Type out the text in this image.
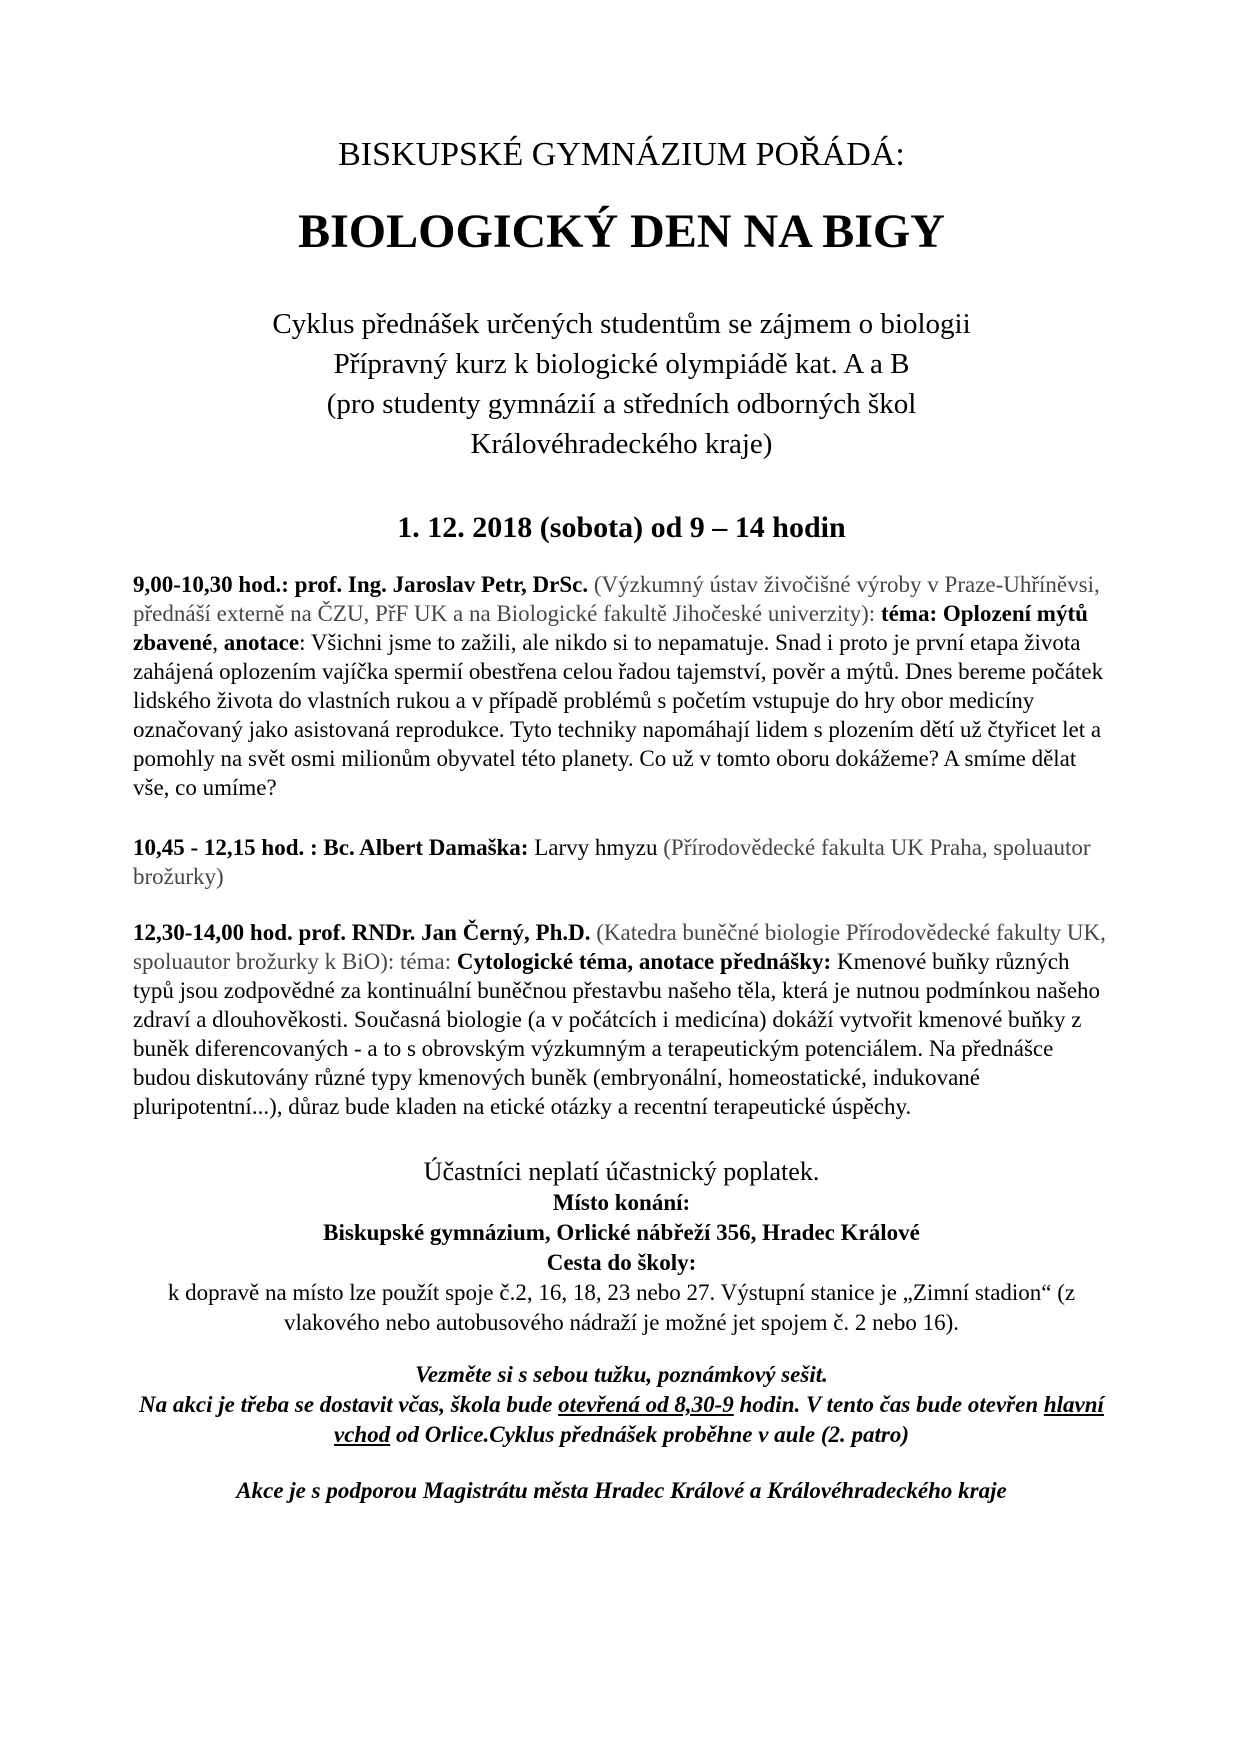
BISKUPSKÉ GYMNÁZIUM POŘÁDÁ:
BIOLOGICKÝ DEN NA BIGY
Cyklus přednášek určených studentům se zájmem o biologii
Přípravný kurz k biologické olympiádě kat. A a B
(pro studenty gymnázií a středních odborných škol
Královéhradeckého kraje)
1. 12. 2018 (sobota) od 9 – 14 hodin

9,00-10,30 hod.: prof. Ing. Jaroslav Petr, DrSc. (Výzkumný ústav živočišné výroby v Praze-Uhříněvsi, přednáší externě na ČZU, PřF UK a na Biologické fakultě Jihočeské univerzity): téma: Oplození mýtů zbavené, anotace: Všichni jsme to zažili, ale nikdo si to nepamatuje. Snad i proto je první etapa života zahájená oplozením vajíčka spermií obestřena celou řadou tajemství, pověr a mýtů. Dnes bereme počátek lidského života do vlastních rukou a v případě problémů s početím vstupuje do hry obor medicíny označovaný jako asistovaná reprodukce. Tyto techniky napomáhají lidem s plozením dětí už čtyřicet let a pomohly na svět osmi milionům obyvatel této planety. Co už v tomto oboru dokážeme? A smíme dělat vše, co umíme?

10,45 - 12,15 hod. : Bc. Albert Damaška: Larvy hmyzu (Přírodovědecké fakulta UK Praha, spoluautor brožurky)

12,30-14,00 hod. prof. RNDr. Jan Černý, Ph.D. (Katedra buněčné biologie Přírodovědecké fakulty UK, spoluautor brožurky k BiO): téma: Cytologické téma, anotace přednášky: Kmenové buňky různých typů jsou zodpovědné za kontinuální buněčnou přestavbu našeho těla, která je nutnou podmínkou našeho zdraví a dlouhověkosti. Současná biologie (a v počátcích i medicína) dokáží vytvořit kmenové buňky z buněk diferencovaných - a to s obrovským výzkumným a terapeutickým potenciálem. Na přednášce budou diskutovány různé typy kmenových buněk (embryonální, homeostatické, indukované pluripotentní...), důraz bude kladen na etické otázky a recentní terapeutické úspěchy.

Účastníci neplatí účastnický poplatek.
Místo konání:
Biskupské gymnázium, Orlické nábřeží 356, Hradec Králové
Cesta do školy:
k dopravě na místo lze použít spoje č.2, 16, 18, 23 nebo 27. Výstupní stanice je „Zimní stadion“ (z vlakového nebo autobusového nádraží je možné jet spojem č. 2 nebo 16).
Vezměte si s sebou tužku, poznámkový sešit.
Na akci je třeba se dostavit včas, škola bude otevřená od 8,30-9 hodin. V tento čas bude otevřen hlavní vchod od Orlice.Cyklus přednášek proběhne v aule (2. patro)
Akce je s podporou Magistrátu města Hradec Králové a Královéhradeckého kraje
